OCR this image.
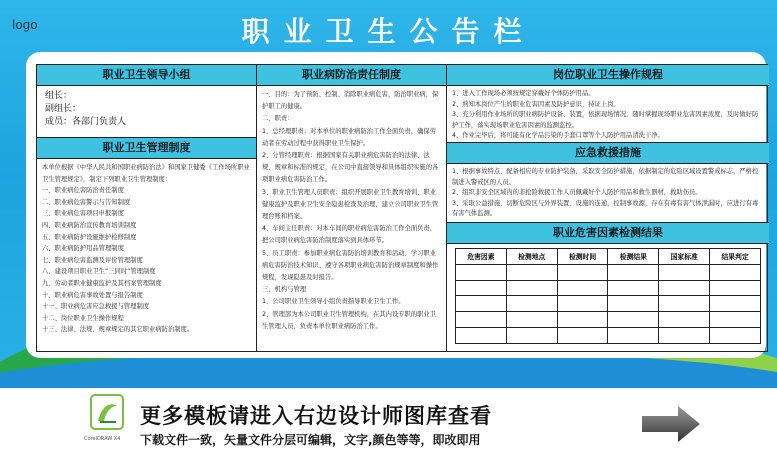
logo	职业卫生公告栏
职业卫生领导小组
组长：
副组长：
成员：各部门负责人
职业卫生管理制度

本单位根据《中华人民共和国职业病防治法》和国家卫健委《工作场所职业卫生管理规定》，制定下列职业卫生管理制度：

一、职业病危害防治责任制度

二、职业病危害警示与告知制度

三、职业病危害项目申报制度

四、职业病防治宣传教育培训制度

五、职业病防护设施维护检修制度

六、职业病防护用品管理制度

七、职业病危害监测及评价管理制度

八、建设项目职业卫生“三同时”管理制度

九、劳动者职业健康监护及其档案管理制度

十、职业病危害事故处置与报告制度

十一、职业病危害应急救援与管理制度

十二、岗位职业卫生操作规程

十三、法律、法规、规章规定的其它职业病防治制度。

职业病防治责任制度

一、目的：为了预防、控制、消除职业病危害，防治职业病，保护职工的健康。

二、职责：

1、总经理职责：对本单位的职业病防治工作全面负责，确保劳动者在劳动过程中获得职业卫生保护。

2、分管经理职责：根据国家有关职业病危害防治的法律、法规、规章和标准的规定，在公司中直接领导和具体组织实施的各项职业病危害防治工作。

3、职业卫生管理人员职责：组织开展职业卫生教育培训、职业健康监护及职业卫生安全隐患检查及治理，建立公司职业卫生管理台账和档案。

4、车间主任职责：对本车间的职业病危害防治工作全面负责，把公司职业病危害防治制度落实到具体环节。

5、员工职责：参加职业病危害防治培训教育和活动、学习职业病危害防治技术知识、遵守各项职业病危害防治规章制度和操作规程，发现隐患及时报告。

三、机构与管理

1、公司职业卫生领导小组负责指导职业卫生工作。

2、管理部为本公司职业卫生管理机构，在其内设专职的职业卫生管理人员，负责本单位职业病防治工作。

岗位职业卫生操作规程

1、进入工作现场必须按规定穿戴好个体防护用品。

2、熟知本岗位产生的职业危害因素及防护意识，持证上岗。

3、充分利用作业场所的职业病防护设备、装置，依据现场情况，随时掌握现场职业危害因素浓度，及时做好防护工作，落实现场职业危害因素的监测监控。

4、作业完毕后，将可能有化学品污染的手套口罩等个人防护用品清洗干净。

应急救援措施

1、根据事故特点，配备相应的专业防护装备，采取安全防护措施，依据制定的危险区域设置警戒标志，严格控制进入警戒区的人员。

2、组织非安全区域内的非抢险救援工作人员佩戴好个人防护用品和救生器材，救助伤员。

3、采取公益措施，切断危险区与外界装置、设施的连通，控制事故源，存在有毒有害气体泄漏时，应进行有毒有害气体监测。

职业危害因素检测结果
危害因素	检测地点	检测时间	检测结果	国家标准	结果判定

CorelDRAW X4
更多模板请进入右边设计师图库查看
下载文件一致，矢量文件分层可编辑，文字,颜色等等，即改即用
